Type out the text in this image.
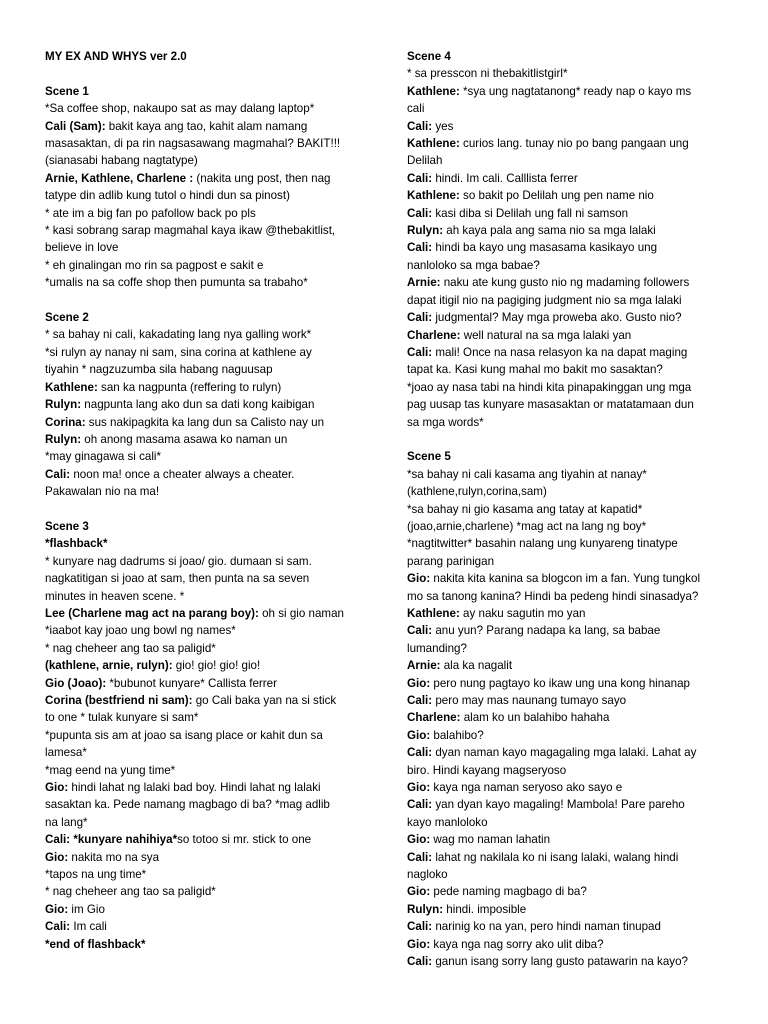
MY EX AND WHYS ver 2.0
Scene 1
*Sa coffee shop, nakaupo sat as may dalang laptop*
Cali (Sam): bakit kaya ang tao, kahit alam namang
masasaktan, di pa rin nagsasawang magmahal? BAKIT!!!
(sianasabi habang nagtatype)
Arnie, Kathlene, Charlene : (nakita ung post, then nag
tatype din adlib kung tutol o hindi dun sa pinost)
* ate im a big fan po pafollow back po pls
* kasi sobrang sarap magmahal kaya ikaw @thebakitlist,
believe in love
* eh ginalingan mo rin sa pagpost e sakit e
*umalis na sa coffe shop then pumunta sa trabaho*
Scene 2
* sa bahay ni cali, kakadating lang nya galling work*
*si rulyn ay nanay ni sam, sina corina at kathlene ay
tiyahin * nagzuzumba sila habang naguusap
Kathlene: san ka nagpunta (reffering to rulyn)
Rulyn: nagpunta lang ako dun sa dati kong kaibigan
Corina: sus nakipagkita ka lang dun sa Calisto nay un
Rulyn: oh anong masama asawa ko naman un
*may ginagawa si cali*
Cali: noon ma! once a cheater always a cheater.
Pakawalan nio na ma!
Scene 3
*flashback*
* kunyare nag dadrums si joao/ gio. dumaan si sam.
nagkatitigan si joao at sam, then punta na sa seven
minutes in heaven scene. *
Lee (Charlene mag act na parang boy): oh si gio naman
*iaabot kay joao ung bowl ng names*
* nag cheheer ang tao sa paligid*
(kathlene, arnie, rulyn): gio! gio! gio! gio!
Gio (Joao): *bubunot kunyare* Callista ferrer
Corina (bestfriend ni sam): go Cali baka yan na si stick
to one * tulak kunyare si sam*
*pupunta sis am at joao sa isang place or kahit dun sa
lamesa*
*mag eend na yung time*
Gio: hindi lahat ng lalaki bad boy. Hindi lahat ng lalaki
sasaktan ka. Pede namang magbago di ba? *mag adlib
na lang*
Cali: *kunyare nahihiya*so totoo si mr. stick to one
Gio: nakita mo na sya
*tapos na ung time*
* nag cheheer ang tao sa paligid*
Gio: im Gio
Cali: Im cali
*end of flashback*
Scene 4
* sa presscon ni thebakitlistgirl*
Kathlene: *sya ung nagtatanong* ready nap o kayo ms
cali
Cali: yes
Kathlene: curios lang. tunay nio po bang pangaan ung
Delilah
Cali: hindi. Im cali. Calllista ferrer
Kathlene: so bakit po Delilah ung pen name nio
Cali: kasi diba si Delilah ung fall ni samson
Rulyn: ah kaya pala ang sama nio sa mga lalaki
Cali: hindi ba kayo ung masasama kasikayo ung
nanloloko sa mga babae?
Arnie: naku ate kung gusto nio ng madaming followers
dapat itigil nio na pagiging judgment nio sa mga lalaki
Cali: judgmental? May mga proweba ako. Gusto nio?
Charlene: well natural na sa mga lalaki yan
Cali: mali! Once na nasa relasyon ka na dapat maging
tapat ka. Kasi kung mahal mo bakit mo sasaktan?
*joao ay nasa tabi na hindi kita pinapakinggan ung mga
pag uusap tas kunyare masasaktan or matatamaan dun
sa mga words*
Scene 5
*sa bahay ni cali kasama ang tiyahin at nanay*
(kathlene,rulyn,corina,sam)
*sa bahay ni gio kasama ang tatay at kapatid*
(joao,arnie,charlene) *mag act na lang ng boy*
*nagtitwitter* basahin nalang ung kunyareng tinatype
parang parinigan
Gio: nakita kita kanina sa blogcon im a fan. Yung tungkol
mo sa tanong kanina? Hindi ba pedeng hindi sinasadya?
Kathlene: ay naku sagutin mo yan
Cali: anu yun? Parang nadapa ka lang, sa babae
lumanding?
Arnie: ala ka nagalit
Gio: pero nung pagtayo ko ikaw ung una kong hinanap
Cali: pero may mas naunang tumayo sayo
Charlene: alam ko un balahibo hahaha
Gio: balahibo?
Cali: dyan naman kayo magagaling mga lalaki. Lahat ay
biro. Hindi kayang magseryoso
Gio: kaya nga naman seryoso ako sayo e
Cali: yan dyan kayo magaling! Mambola! Pare pareho
kayo manloloko
Gio: wag mo naman lahatin
Cali: lahat ng nakilala ko ni isang lalaki, walang hindi
nagloko
Gio: pede naming magbago di ba?
Rulyn: hindi. imposible
Cali: narinig ko na yan, pero hindi naman tinupad
Gio: kaya nga nag sorry ako ulit diba?
Cali: ganun isang sorry lang gusto patawarin na kayo?
